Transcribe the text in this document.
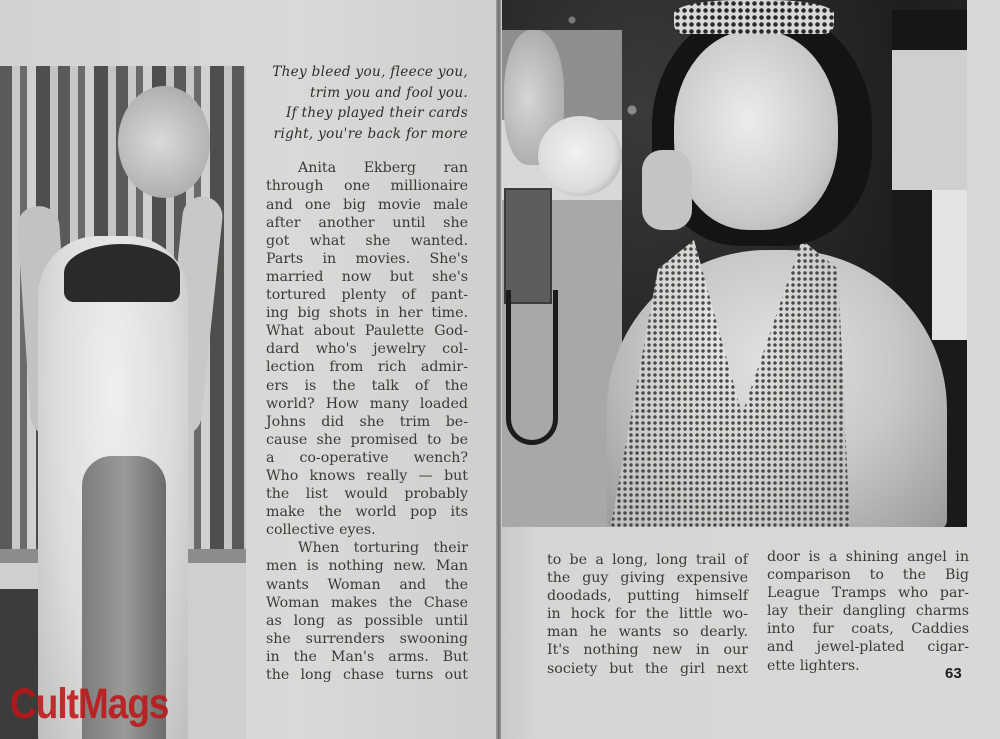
CultMags
They bleed you, fleece you,
trim you and fool you.
If they played their cards
right, you're back for more
Anita Ekberg ran
through one millionaire
and one big movie male
after another until she
got what she wanted.
Parts in movies. She's
married now but she's
tortured plenty of pant-
ing big shots in her time.
What about Paulette God-
dard who's jewelry col-
lection from rich admir-
ers is the talk of the
world? How many loaded
Johns did she trim be-
cause she promised to be
a co-operative wench?
Who knows really — but
the list would probably
make the world pop its
collective eyes.
When torturing their
men is nothing new. Man
wants Woman and the
Woman makes the Chase
as long as possible until
she surrenders swooning
in the Man's arms. But
the long chase turns out
to be a long, long trail of
the guy giving expensive
doodads, putting himself
in hock for the little wo-
man he wants so dearly.
It's nothing new in our
society but the girl next
door is a shining angel in
comparison to the Big
League Tramps who par-
lay their dangling charms
into fur coats, Caddies
and jewel-plated cigar-
ette lighters.	63
